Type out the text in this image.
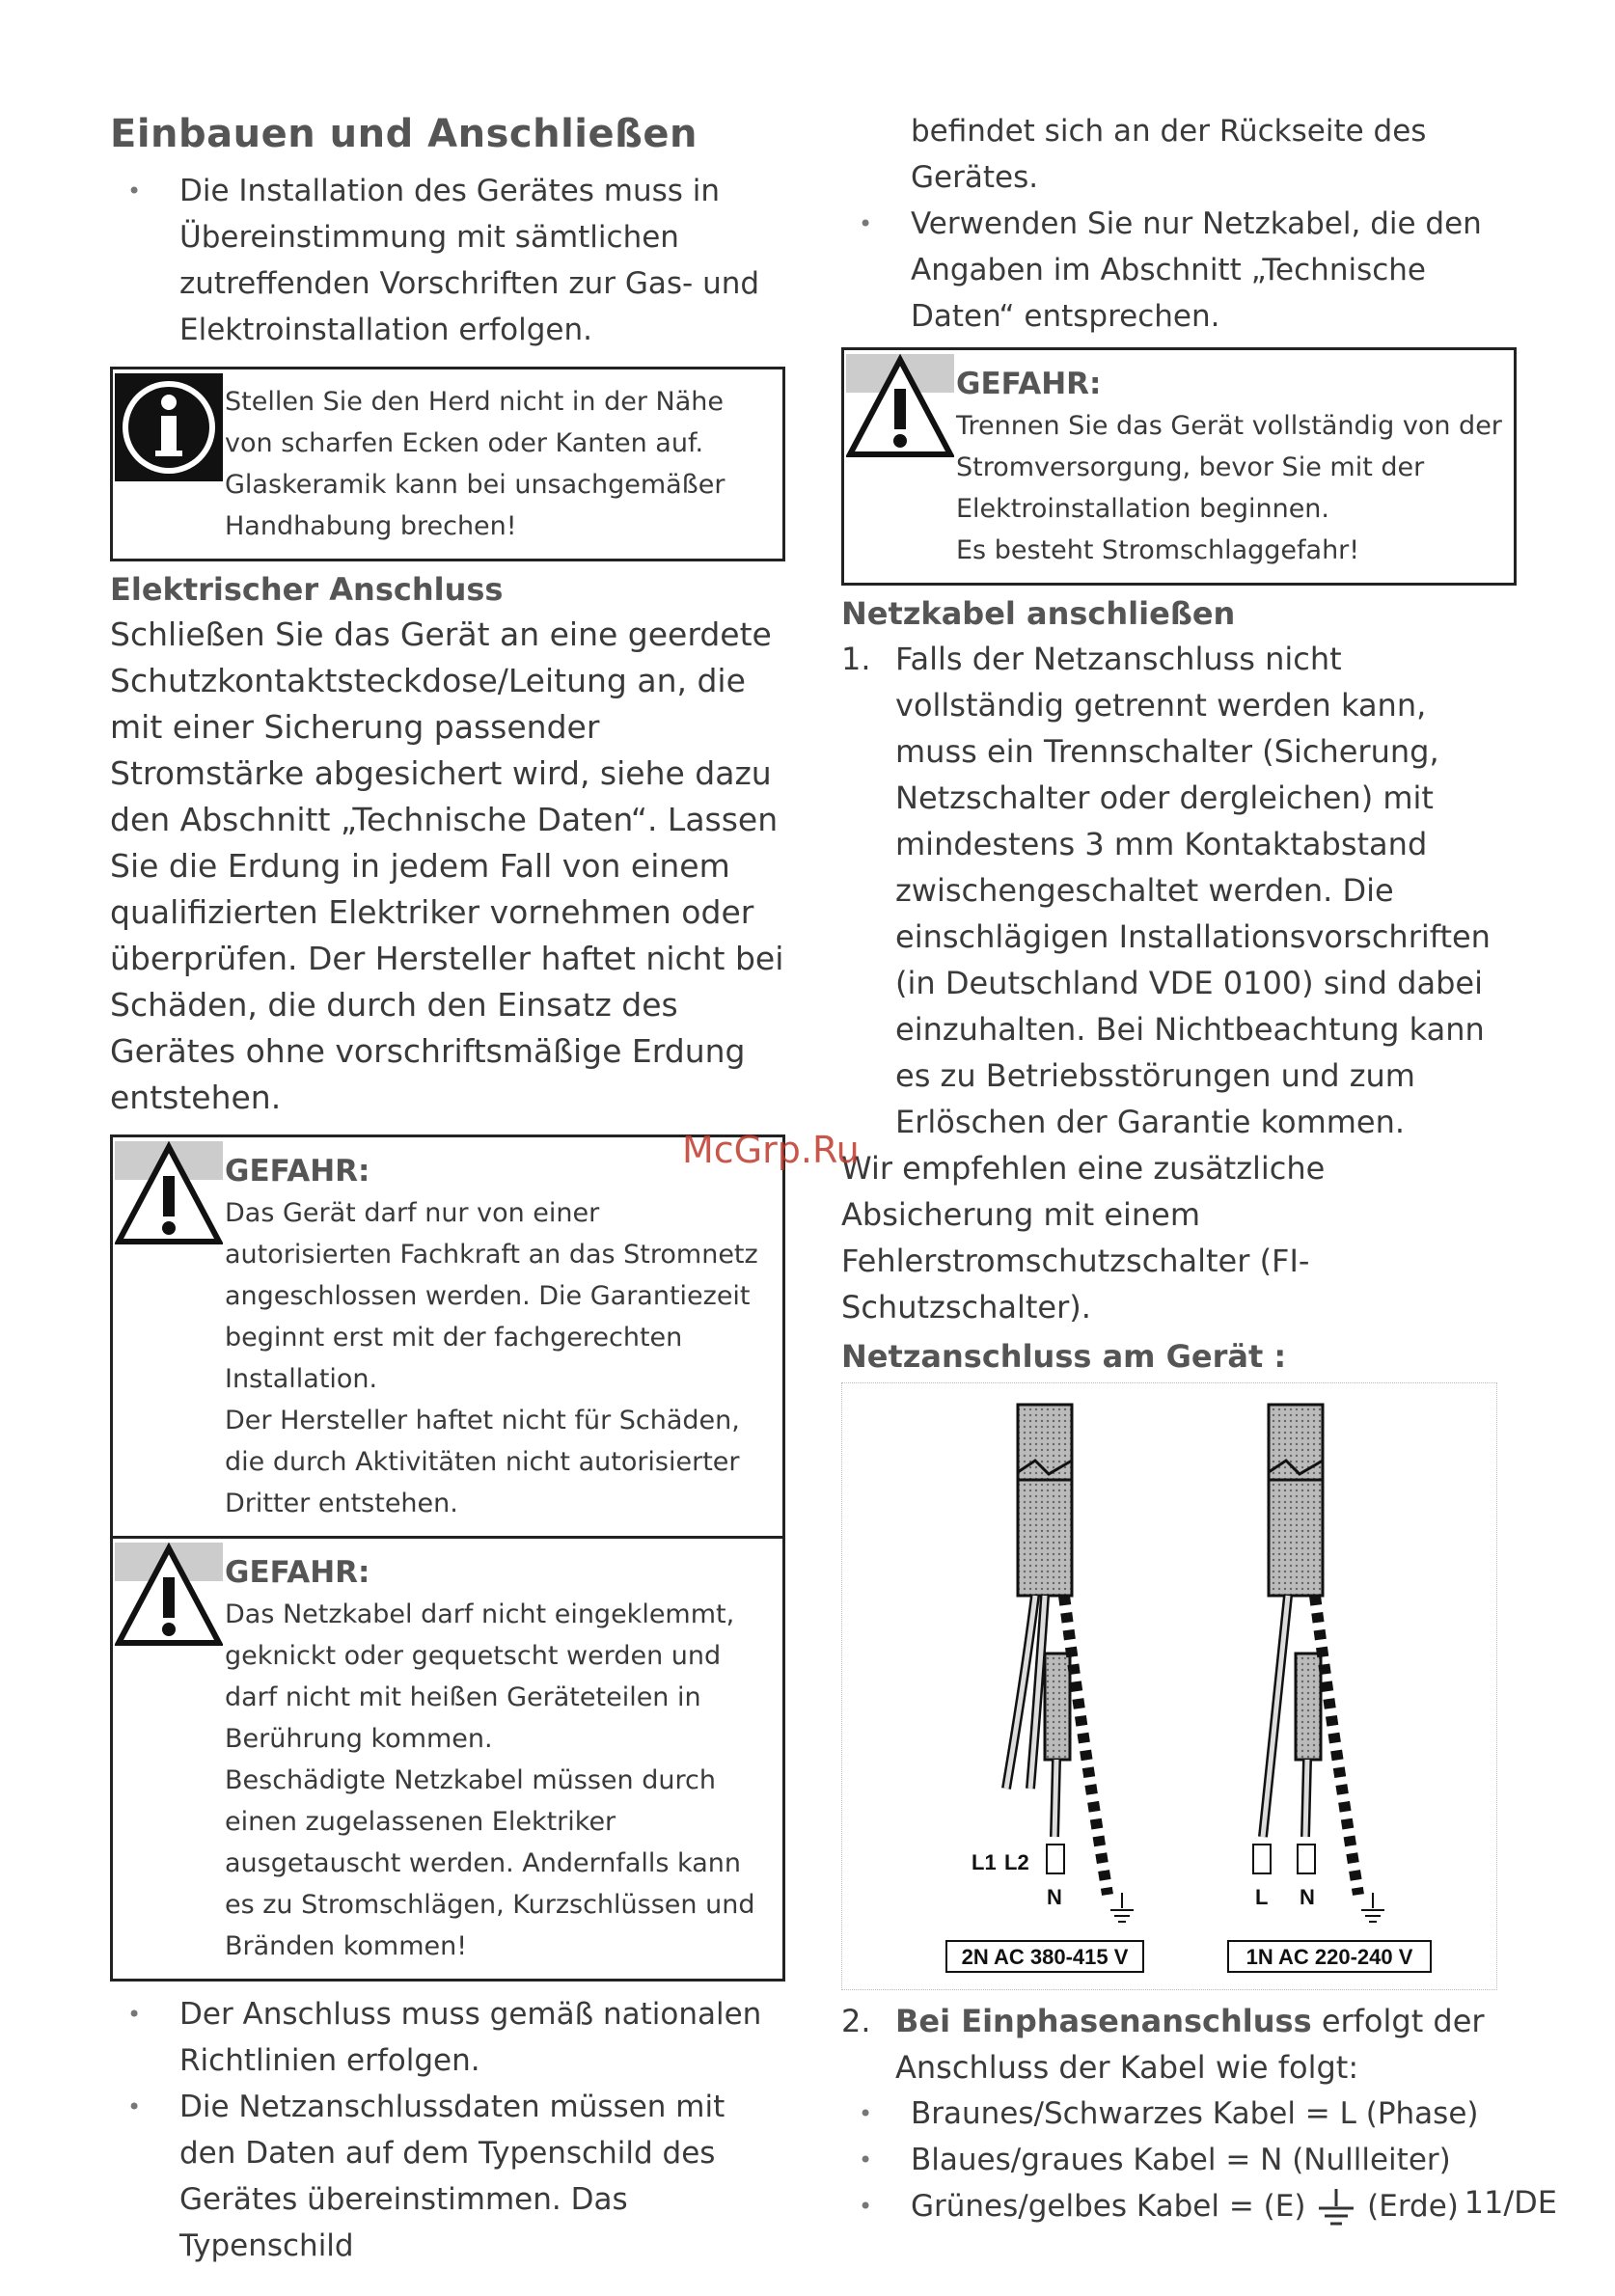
Einbauen und Anschließen
• Die Installation des Gerätes muss in Übereinstimmung mit sämtlichen zutreffenden Vorschriften zur Gas- und Elektroinstallation erfolgen.
Stellen Sie den Herd nicht in der Nähe von scharfen Ecken oder Kanten auf. Glaskeramik kann bei unsachgemäßer Handhabung brechen!
Elektrischer Anschluss

Schließen Sie das Gerät an eine geerdete Schutzkontaktsteckdose/Leitung an, die mit einer Sicherung passender Stromstärke abgesichert wird, siehe dazu den Abschnitt „Technische Daten“. Lassen Sie die Erdung in jedem Fall von einem qualifizierten Elektriker vornehmen oder überprüfen. Der Hersteller haftet nicht bei Schäden, die durch den Einsatz des Gerätes ohne vorschriftsmäßige Erdung entstehen.

GEFAHR:
Das Gerät darf nur von einer autorisierten Fachkraft an das Stromnetz angeschlossen werden. Die Garantiezeit beginnt erst mit der fachgerechten Installation.
Der Hersteller haftet nicht für Schäden, die durch Aktivitäten nicht autorisierter Dritter entstehen.
GEFAHR:
Das Netzkabel darf nicht eingeklemmt, geknickt oder gequetscht werden und darf nicht mit heißen Geräteteilen in Berührung kommen.
Beschädigte Netzkabel müssen durch einen zugelassenen Elektriker ausgetauscht werden. Andernfalls kann es zu Stromschlägen, Kurzschlüssen und Bränden kommen!
• Der Anschluss muss gemäß nationalen Richtlinien erfolgen.
• Die Netzanschlussdaten müssen mit den Daten auf dem Typenschild des Gerätes übereinstimmen. Das Typenschild
befindet sich an der Rückseite des Gerätes.
• Verwenden Sie nur Netzkabel, die den Angaben im Abschnitt „Technische Daten“ entsprechen.
GEFAHR:
Trennen Sie das Gerät vollständig von der Stromversorgung, bevor Sie mit der Elektroinstallation beginnen.
Es besteht Stromschlaggefahr!
Netzkabel anschließen
1. Falls der Netzanschluss nicht vollständig getrennt werden kann, muss ein Trennschalter (Sicherung, Netzschalter oder dergleichen) mit mindestens 3 mm Kontaktabstand zwischengeschaltet werden. Die einschlägigen Installationsvorschriften (in Deutschland VDE 0100) sind dabei einzuhalten. Bei Nichtbeachtung kann es zu Betriebsstörungen und zum Erlöschen der Garantie kommen.

Wir empfehlen eine zusätzliche Absicherung mit einem Fehlerstromschutzschalter (FI-Schutzschalter).

Netzanschluss am Gerät :
L1 L2
N
2N AC 380-415 V
L N
1N AC 220-240 V
2. Bei Einphasenanschluss erfolgt der Anschluss der Kabel wie folgt:
• Braunes/Schwarzes Kabel = L (Phase)
• Blaues/graues Kabel = N (Nullleiter)
• Grünes/gelbes Kabel = (E) (Erde)
McGrp.Ru
11/DE
